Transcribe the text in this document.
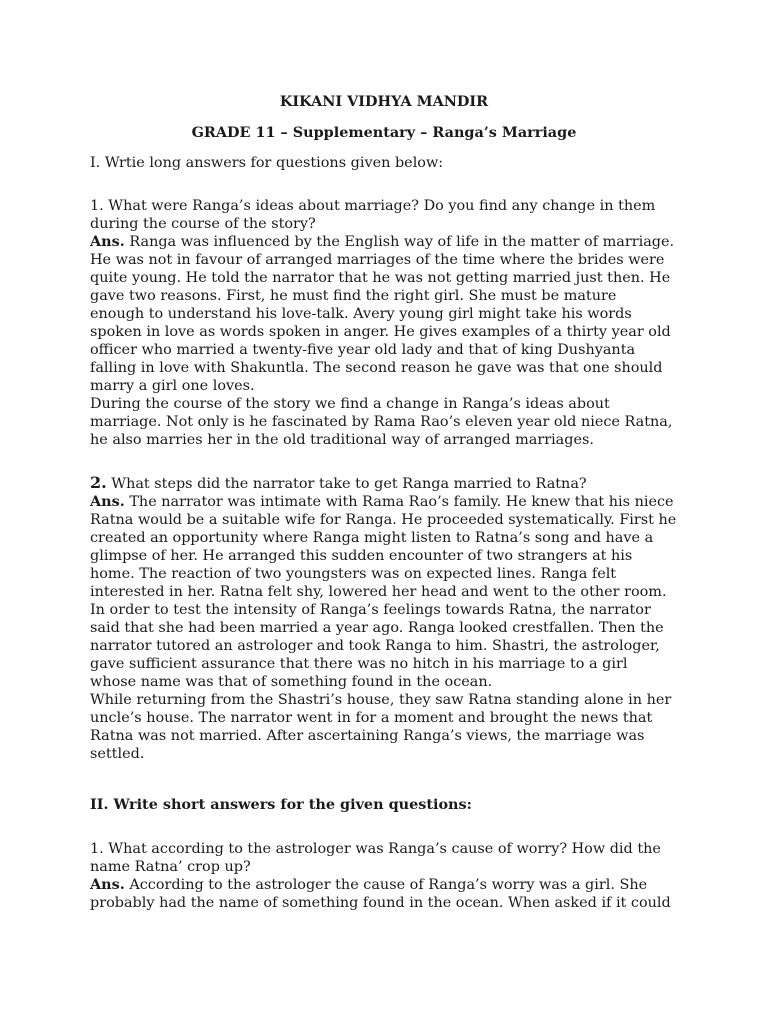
KIKANI VIDHYA MANDIR
GRADE 11 – Supplementary – Ranga’s Marriage
I. Wrtie long answers for questions given below:
1. What were Ranga’s ideas about marriage? Do you find any change in them
during the course of the story?
Ans. Ranga was influenced by the English way of life in the matter of marriage.
He was not in favour of arranged marriages of the time where the brides were
quite young. He told the narrator that he was not getting married just then. He
gave two reasons. First, he must find the right girl. She must be mature
enough to understand his love-talk. Avery young girl might take his words
spoken in love as words spoken in anger. He gives examples of a thirty year old
officer who married a twenty-five year old lady and that of king Dushyanta
falling in love with Shakuntla. The second reason he gave was that one should
marry a girl one loves.
During the course of the story we find a change in Ranga’s ideas about
marriage. Not only is he fascinated by Rama Rao’s eleven year old niece Ratna,
he also marries her in the old traditional way of arranged marriages.
2. What steps did the narrator take to get Ranga married to Ratna?
Ans. The narrator was intimate with Rama Rao’s family. He knew that his niece
Ratna would be a suitable wife for Ranga. He proceeded systematically. First he
created an opportunity where Ranga might listen to Ratna’s song and have a
glimpse of her. He arranged this sudden encounter of two strangers at his
home. The reaction of two youngsters was on expected lines. Ranga felt
interested in her. Ratna felt shy, lowered her head and went to the other room.
In order to test the intensity of Ranga’s feelings towards Ratna, the narrator
said that she had been married a year ago. Ranga looked crestfallen. Then the
narrator tutored an astrologer and took Ranga to him. Shastri, the astrologer,
gave sufficient assurance that there was no hitch in his marriage to a girl
whose name was that of something found in the ocean.
While returning from the Shastri’s house, they saw Ratna standing alone in her
uncle’s house. The narrator went in for a moment and brought the news that
Ratna was not married. After ascertaining Ranga’s views, the marriage was
settled.
II. Write short answers for the given questions:
1. What according to the astrologer was Ranga’s cause of worry? How did the
name Ratna’ crop up?
Ans. According to the astrologer the cause of Ranga’s worry was a girl. She
probably had the name of something found in the ocean. When asked if it could
